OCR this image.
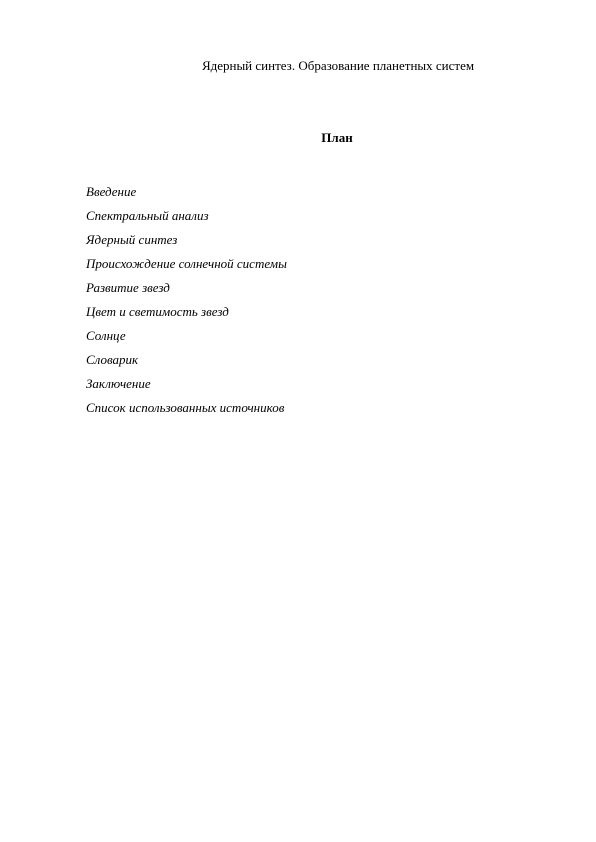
Ядерный синтез. Образование планетных систем
План
Введение
Спектральный анализ
Ядерный синтез
Происхождение солнечной системы
Развитие звезд
Цвет и светимость звезд
Солнце
Словарик
Заключение
Список использованных источников
